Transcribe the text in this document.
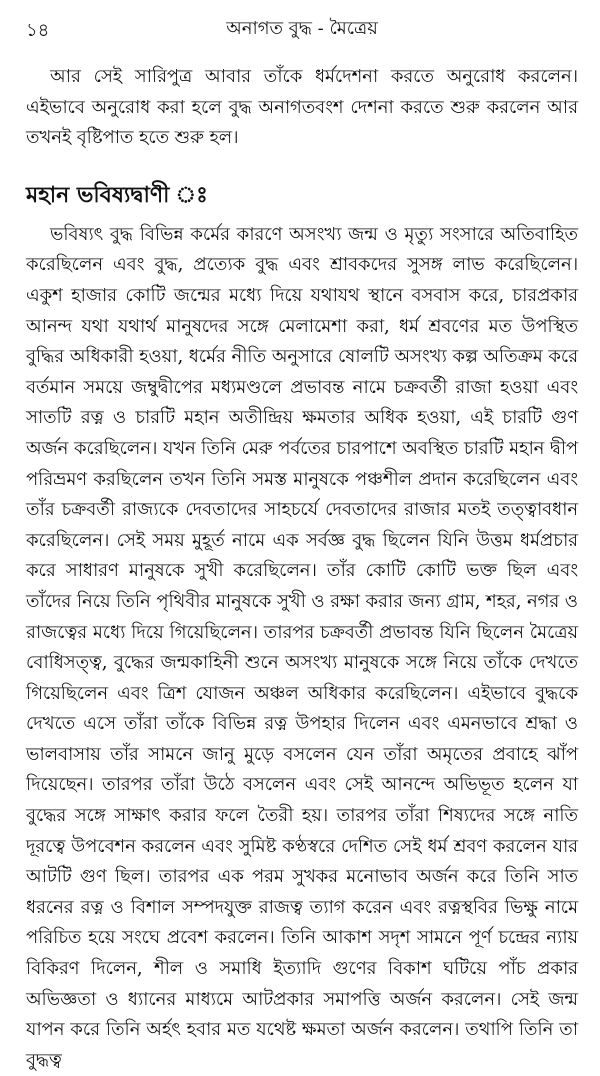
১৪	অনাগত বুদ্ধ - মৈত্রেয়

আর সেই সারিপুত্র আবার তাঁকে ধর্মদেশনা করতে অনুরোধ করলেন। এইভাবে অনুরোধ করা হলে বুদ্ধ অনাগতবংশ দেশনা করতে শুরু করলেন আর তখনই বৃষ্টিপাত হতে শুরু হল।

মহান ভবিষ্যদ্বাণী ঃ

ভবিষ্যৎ বুদ্ধ বিভিন্ন কর্মের কারণে অসংখ্য জন্ম ও মৃত্যু সংসারে অতিবাহিত করেছিলেন এবং বুদ্ধ, প্রত্যেক বুদ্ধ এবং শ্রাবকদের সুসঙ্গ লাভ করেছিলেন। একুশ হাজার কোটি জন্মের মধ্যে দিয়ে যথাযথ স্থানে বসবাস করে, চারপ্রকার আনন্দ যথা যথার্থ মানুষদের সঙ্গে মেলামেশা করা, ধর্ম শ্রবণের মত উপস্থিত বুদ্ধির অধিকারী হওয়া, ধর্মের নীতি অনুসারে ষোলটি অসংখ্য কল্প অতিক্রম করে বর্তমান সময়ে জম্বুদ্বীপের মধ্যমণ্ডলে প্রভাবন্ত নামে চক্রবর্তী রাজা হওয়া এবং সাতটি রত্ন ও চারটি মহান অতীন্দ্রিয় ক্ষমতার অধিক হওয়া, এই চারটি গুণ অর্জন করেছিলেন। যখন তিনি মেরু পর্বতের চারপাশে অবস্থিত চারটি মহান দ্বীপ পরিভ্রমণ করছিলেন তখন তিনি সমস্ত মানুষকে পঞ্চশীল প্রদান করেছিলেন এবং তাঁর চক্রবর্তী রাজ্যকে দেবতাদের সাহচর্যে দেবতাদের রাজার মতই তত্ত্বাবধান করেছিলেন। সেই সময় মুহূর্ত নামে এক সর্বজ্ঞ বুদ্ধ ছিলেন যিনি উত্তম ধর্মপ্রচার করে সাধারণ মানুষকে সুখী করেছিলেন। তাঁর কোটি কোটি ভক্ত ছিল এবং তাঁদের নিয়ে তিনি পৃথিবীর মানুষকে সুখী ও রক্ষা করার জন্য গ্রাম, শহর, নগর ও রাজত্বের মধ্যে দিয়ে গিয়েছিলেন। তারপর চক্রবর্তী প্রভাবন্ত যিনি ছিলেন মৈত্রেয় বোধিসত্ত্ব, বুদ্ধের জন্মকাহিনী শুনে অসংখ্য মানুষকে সঙ্গে নিয়ে তাঁকে দেখতে গিয়েছিলেন এবং ত্রিশ যোজন অঞ্চল অধিকার করেছিলেন। এইভাবে বুদ্ধকে দেখতে এসে তাঁরা তাঁকে বিভিন্ন রত্ন উপহার দিলেন এবং এমনভাবে শ্রদ্ধা ও ভালবাসায় তাঁর সামনে জানু মুড়ে বসলেন যেন তাঁরা অমৃতের প্রবাহে ঝাঁপ দিয়েছেন। তারপর তাঁরা উঠে বসলেন এবং সেই আনন্দে অভিভূত হলেন যা বুদ্ধের সঙ্গে সাক্ষাৎ করার ফলে তৈরী হয়। তারপর তাঁরা শিষ্যদের সঙ্গে নাতি দূরত্বে উপবেশন করলেন এবং সুমিষ্ট কণ্ঠস্বরে দেশিত সেই ধর্ম শ্রবণ করলেন যার আটটি গুণ ছিল। তারপর এক পরম সুখকর মনোভাব অর্জন করে তিনি সাত ধরনের রত্ন ও বিশাল সম্পদযুক্ত রাজত্ব ত্যাগ করেন এবং রত্নস্থবির ভিক্ষু নামে পরিচিত হয়ে সংঘে প্রবেশ করলেন। তিনি আকাশ সদৃশ সামনে পূর্ণ চন্দ্রের ন্যায় বিকিরণ দিলেন, শীল ও সমাধি ইত্যাদি গুণের বিকাশ ঘটিয়ে পাঁচ প্রকার অভিজ্ঞতা ও ধ্যানের মাধ্যমে আটপ্রকার সমাপত্তি অর্জন করলেন। সেই জন্ম যাপন করে তিনি অর্হৎ হবার মত যথেষ্ট ক্ষমতা অর্জন করলেন। তথাপি তিনি তা বুদ্ধত্ব
